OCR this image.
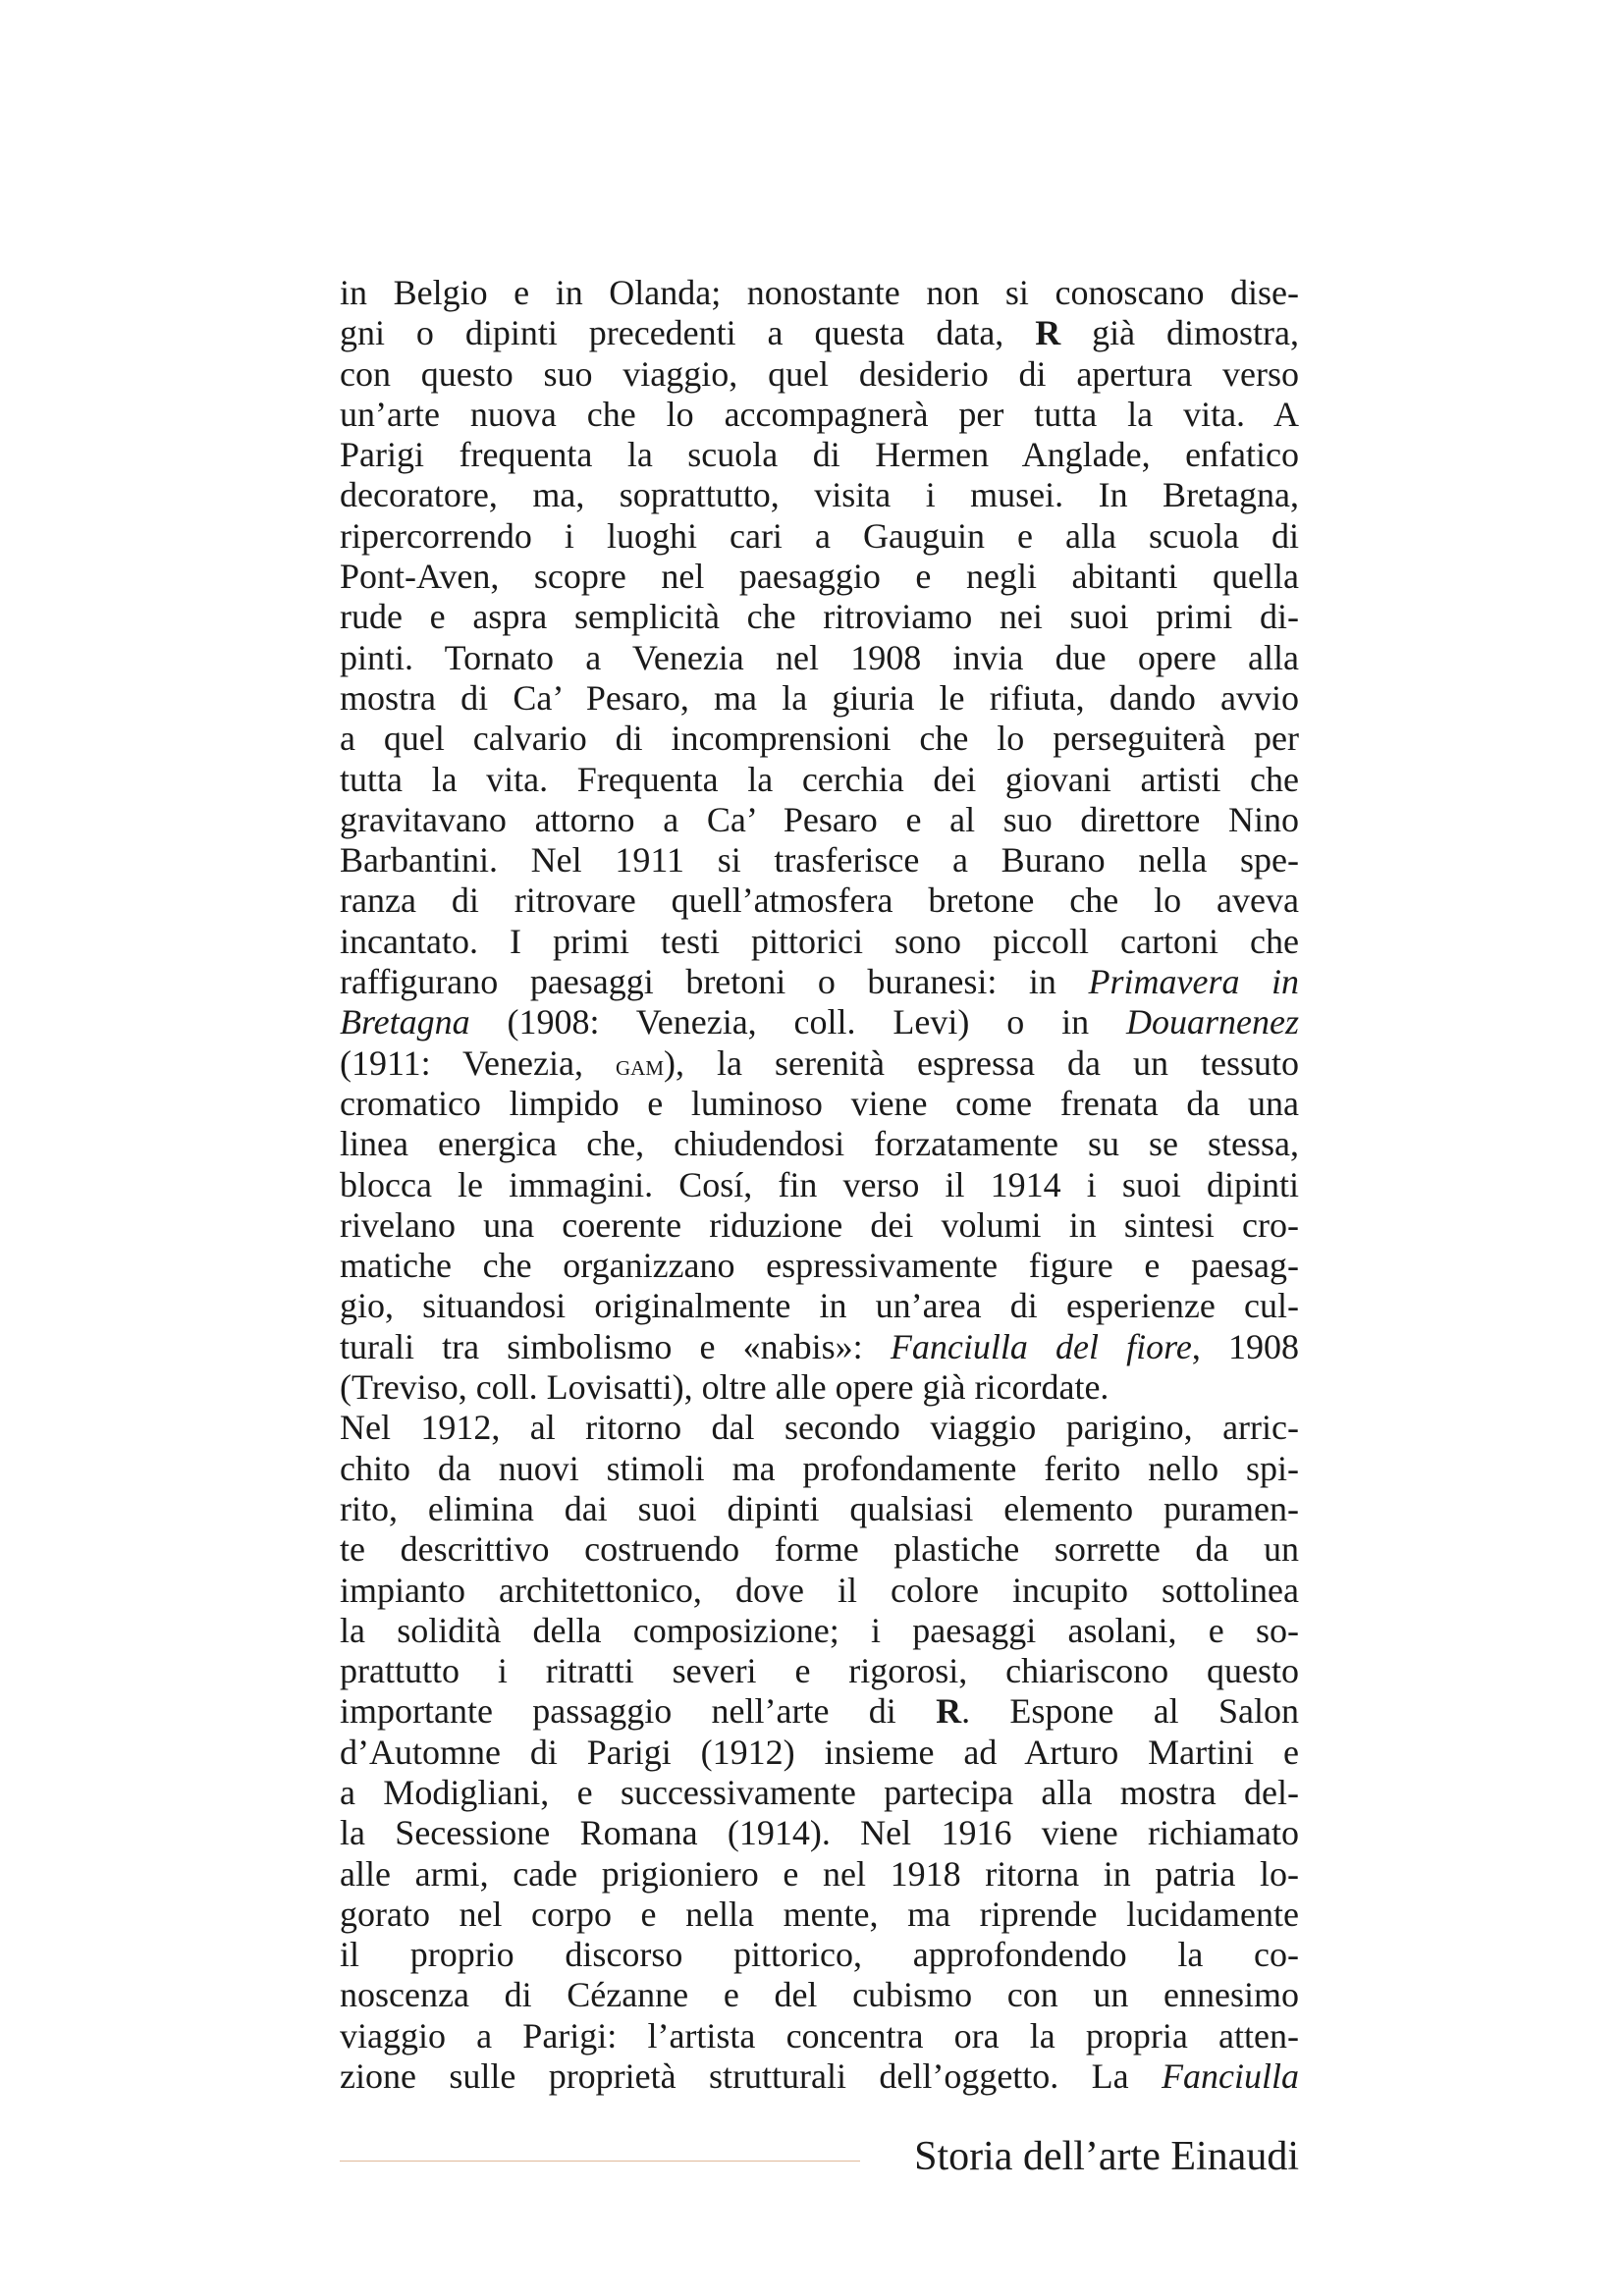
in Belgio e in Olanda; nonostante non si conoscano dise-
gni o dipinti precedenti a questa data, R già dimostra,
con questo suo viaggio, quel desiderio di apertura verso
un’arte nuova che lo accompagnerà per tutta la vita. A
Parigi frequenta la scuola di Hermen Anglade, enfatico
decoratore, ma, soprattutto, visita i musei. In Bretagna,
ripercorrendo i luoghi cari a Gauguin e alla scuola di
Pont-Aven, scopre nel paesaggio e negli abitanti quella
rude e aspra semplicità che ritroviamo nei suoi primi di-
pinti. Tornato a Venezia nel 1908 invia due opere alla
mostra di Ca’ Pesaro, ma la giuria le rifiuta, dando avvio
a quel calvario di incomprensioni che lo perseguiterà per
tutta la vita. Frequenta la cerchia dei giovani artisti che
gravitavano attorno a Ca’ Pesaro e al suo direttore Nino
Barbantini. Nel 1911 si trasferisce a Burano nella spe-
ranza di ritrovare quell’atmosfera bretone che lo aveva
incantato. I primi testi pittorici sono piccoll cartoni che
raffigurano paesaggi bretoni o buranesi: in Primavera in
Bretagna (1908: Venezia, coll. Levi) o in Douarnenez
(1911: Venezia, gam), la serenità espressa da un tessuto
cromatico limpido e luminoso viene come frenata da una
linea energica che, chiudendosi forzatamente su se stessa,
blocca le immagini. Cosí, fin verso il 1914 i suoi dipinti
rivelano una coerente riduzione dei volumi in sintesi cro-
matiche che organizzano espressivamente figure e paesag-
gio, situandosi originalmente in un’area di esperienze cul-
turali tra simbolismo e «nabis»: Fanciulla del fiore, 1908
(Treviso, coll. Lovisatti), oltre alle opere già ricordate.
Nel 1912, al ritorno dal secondo viaggio parigino, arric-
chito da nuovi stimoli ma profondamente ferito nello spi-
rito, elimina dai suoi dipinti qualsiasi elemento puramen-
te descrittivo costruendo forme plastiche sorrette da un
impianto architettonico, dove il colore incupito sottolinea
la solidità della composizione; i paesaggi asolani, e so-
prattutto i ritratti severi e rigorosi, chiariscono questo
importante passaggio nell’arte di R. Espone al Salon
d’Automne di Parigi (1912) insieme ad Arturo Martini e
a Modigliani, e successivamente partecipa alla mostra del-
la Secessione Romana (1914). Nel 1916 viene richiamato
alle armi, cade prigioniero e nel 1918 ritorna in patria lo-
gorato nel corpo e nella mente, ma riprende lucidamente
il proprio discorso pittorico, approfondendo la co-
noscenza di Cézanne e del cubismo con un ennesimo
viaggio a Parigi: l’artista concentra ora la propria atten-
zione sulle proprietà strutturali dell’oggetto. La Fanciulla
Storia dell’arte Einaudi
